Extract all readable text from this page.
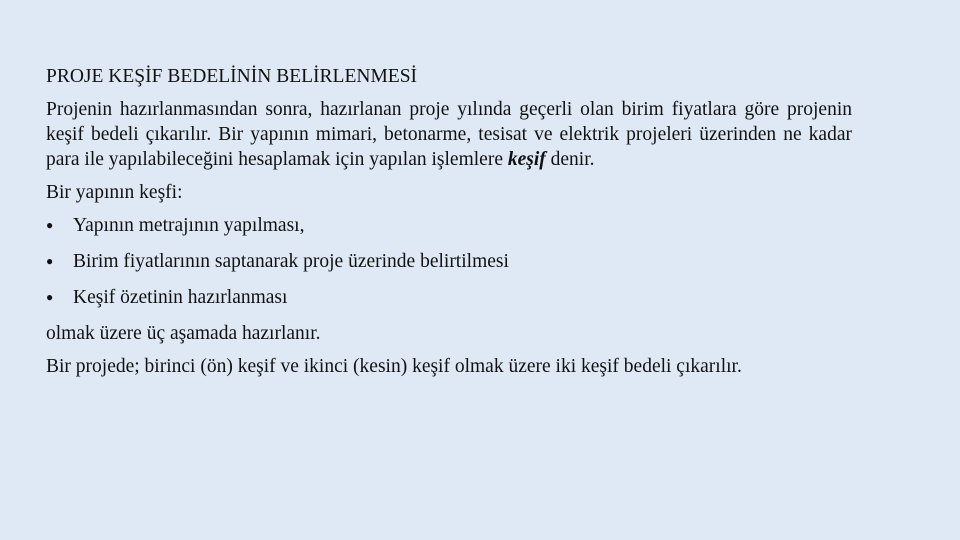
PROJE KEŞİF BEDELİNİN BELİRLENMESİ

Projenin hazırlanmasından sonra, hazırlanan proje yılında geçerli olan birim fiyatlara göre projenin keşif bedeli çıkarılır. Bir yapının mimari, betonarme, tesisat ve elektrik projeleri üzerinden ne kadar para ile yapılabileceğini hesaplamak için yapılan işlemlere keşif denir.

Bir yapının keşfi:

●	Yapının metrajının yapılması,
●	Birim fiyatlarının saptanarak proje üzerinde belirtilmesi
●	Keşif özetinin hazırlanması

olmak üzere üç aşamada hazırlanır.

Bir projede; birinci (ön) keşif ve ikinci (kesin) keşif olmak üzere iki keşif bedeli çıkarılır.
